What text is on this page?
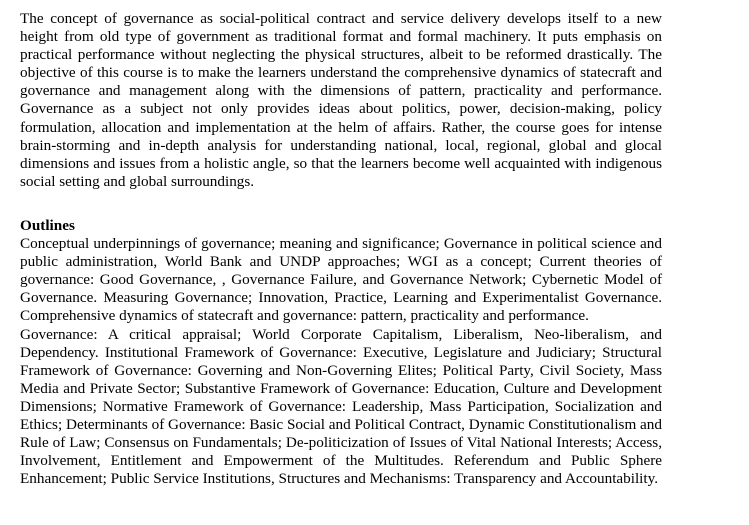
The concept of governance as social-political contract and service delivery develops itself to a new height from old type of government as traditional format and formal machinery. It puts emphasis on practical performance without neglecting the physical structures, albeit to be reformed drastically. The objective of this course is to make the learners understand the comprehensive dynamics of statecraft and governance and management along with the dimensions of pattern, practicality and performance. Governance as a subject not only provides ideas about politics, power, decision-making, policy formulation, allocation and implementation at the helm of affairs. Rather, the course goes for intense brain-storming and in-depth analysis for understanding national, local, regional, global and glocal dimensions and issues from a holistic angle, so that the learners become well acquainted with indigenous social setting and global surroundings.

Outlines

Conceptual underpinnings of governance; meaning and significance; Governance in political science and public administration, World Bank and UNDP approaches; WGI as a concept; Current theories of governance: Good Governance, , Governance Failure, and Governance Network; Cybernetic Model of Governance. Measuring Governance; Innovation, Practice, Learning and Experimentalist Governance. Comprehensive dynamics of statecraft and governance: pattern, practicality and performance.

Governance: A critical appraisal; World Corporate Capitalism, Liberalism, Neo-liberalism, and Dependency. Institutional Framework of Governance: Executive, Legislature and Judiciary; Structural Framework of Governance: Governing and Non-Governing Elites; Political Party, Civil Society, Mass Media and Private Sector; Substantive Framework of Governance: Education, Culture and Development Dimensions; Normative Framework of Governance: Leadership, Mass Participation, Socialization and Ethics; Determinants of Governance: Basic Social and Political Contract, Dynamic Constitutionalism and Rule of Law; Consensus on Fundamentals; De-politicization of Issues of Vital National Interests; Access, Involvement, Entitlement and Empowerment of the Multitudes. Referendum and Public Sphere Enhancement; Public Service Institutions, Structures and Mechanisms: Transparency and Accountability.
